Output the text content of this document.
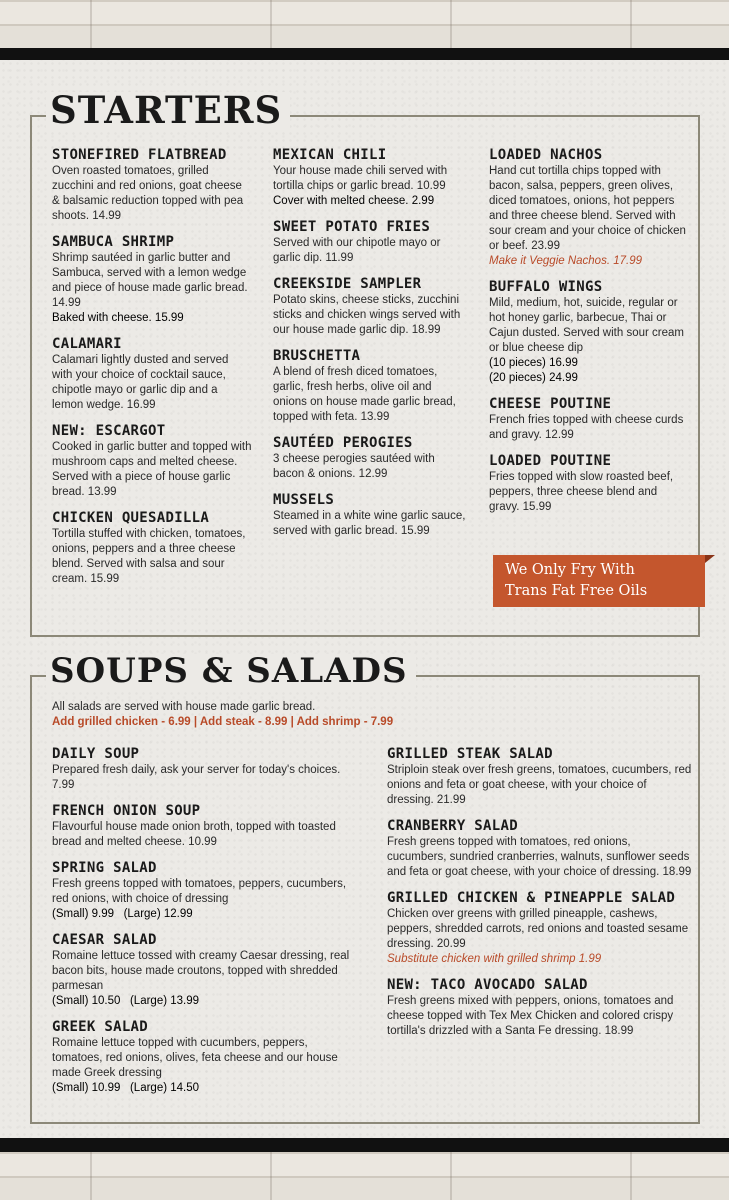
STARTERS
STONEFIRED FLATBREAD
Oven roasted tomatoes, grilled zucchini and red onions, goat cheese & balsamic reduction topped with pea shoots. 14.99
SAMBUCA SHRIMP
Shrimp sautéed in garlic butter and Sambuca, served with a lemon wedge and piece of house made garlic bread. 14.99
Baked with cheese. 15.99
CALAMARI
Calamari lightly dusted and served with your choice of cocktail sauce, chipotle mayo or garlic dip and a lemon wedge. 16.99
NEW: ESCARGOT
Cooked in garlic butter and topped with mushroom caps and melted cheese. Served with a piece of house garlic bread. 13.99
CHICKEN QUESADILLA
Tortilla stuffed with chicken, tomatoes, onions, peppers and a three cheese blend. Served with salsa and sour cream. 15.99
MEXICAN CHILI
Your house made chili served with tortilla chips or garlic bread. 10.99
Cover with melted cheese. 2.99
SWEET POTATO FRIES
Served with our chipotle mayo or garlic dip. 11.99
CREEKSIDE SAMPLER
Potato skins, cheese sticks, zucchini sticks and chicken wings served with our house made garlic dip. 18.99
BRUSCHETTA
A blend of fresh diced tomatoes, garlic, fresh herbs, olive oil and onions on house made garlic bread, topped with feta. 13.99
SAUTÉED PEROGIES
3 cheese perogies sautéed with bacon & onions. 12.99
MUSSELS
Steamed in a white wine garlic sauce, served with garlic bread. 15.99
LOADED NACHOS
Hand cut tortilla chips topped with bacon, salsa, peppers, green olives, diced tomatoes, onions, hot peppers and three cheese blend. Served with sour cream and your choice of chicken or beef. 23.99
Make it Veggie Nachos. 17.99
BUFFALO WINGS
Mild, medium, hot, suicide, regular or hot honey garlic, barbecue, Thai or Cajun dusted. Served with sour cream or blue cheese dip
(10 pieces) 16.99
(20 pieces) 24.99
CHEESE POUTINE
French fries topped with cheese curds and gravy. 12.99
LOADED POUTINE
Fries topped with slow roasted beef, peppers, three cheese blend and gravy. 15.99
We Only Fry With
Trans Fat Free Oils
SOUPS & SALADS
All salads are served with house made garlic bread.
Add grilled chicken - 6.99 | Add steak - 8.99 | Add shrimp - 7.99
DAILY SOUP
Prepared fresh daily, ask your server for today's choices. 7.99
FRENCH ONION SOUP
Flavourful house made onion broth, topped with toasted bread and melted cheese. 10.99
SPRING SALAD
Fresh greens topped with tomatoes, peppers, cucumbers, red onions, with choice of dressing
(Small) 9.99   (Large) 12.99
CAESAR SALAD
Romaine lettuce tossed with creamy Caesar dressing, real bacon bits, house made croutons, topped with shredded parmesan
(Small) 10.50   (Large) 13.99
GREEK SALAD
Romaine lettuce topped with cucumbers, peppers, tomatoes, red onions, olives, feta cheese and our house made Greek dressing
(Small) 10.99   (Large) 14.50
GRILLED STEAK SALAD
Striploin steak over fresh greens, tomatoes, cucumbers, red onions and feta or goat cheese, with your choice of dressing. 21.99
CRANBERRY SALAD
Fresh greens topped with tomatoes, red onions, cucumbers, sundried cranberries, walnuts, sunflower seeds and feta or goat cheese, with your choice of dressing. 18.99
GRILLED CHICKEN & PINEAPPLE SALAD
Chicken over greens with grilled pineapple, cashews, peppers, shredded carrots, red onions and toasted sesame dressing. 20.99
Substitute chicken with grilled shrimp 1.99
NEW: TACO AVOCADO SALAD
Fresh greens mixed with peppers, onions, tomatoes and cheese topped with Tex Mex Chicken and colored crispy tortilla's drizzled with a Santa Fe dressing. 18.99
